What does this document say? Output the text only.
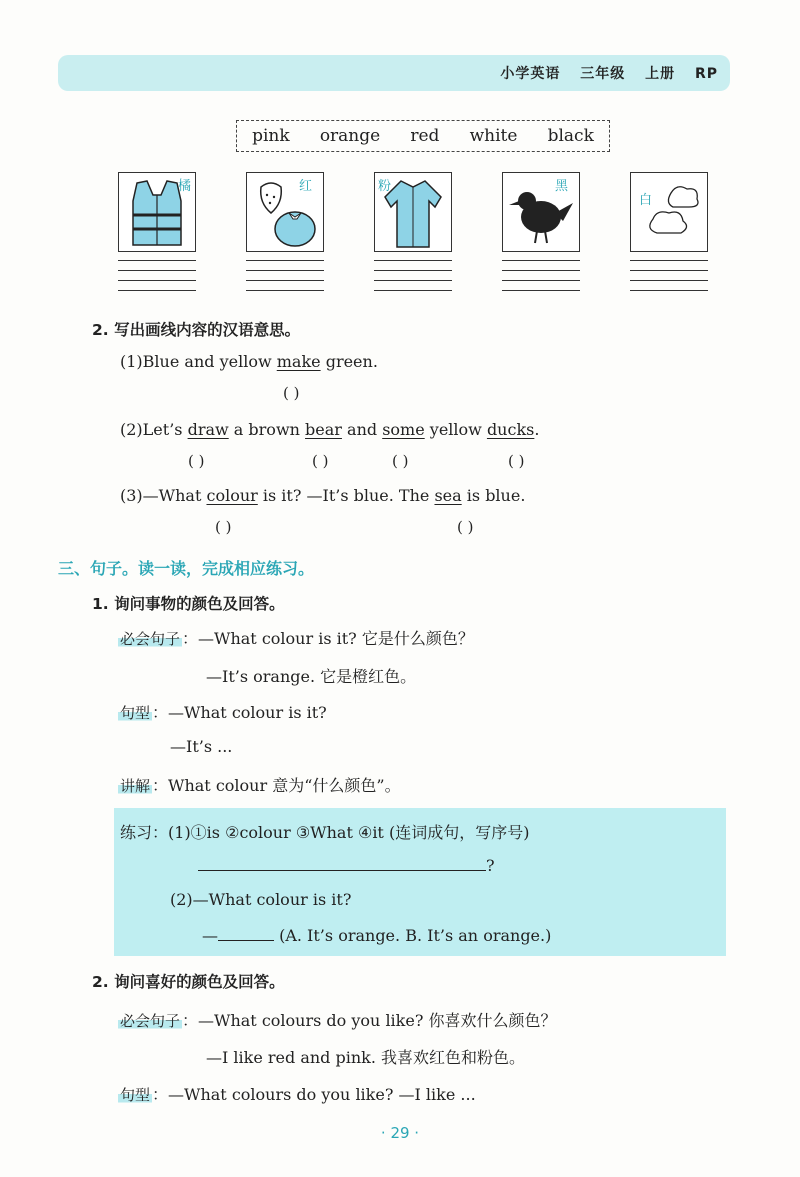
小学英语 三年级 上册 RP
pink orange red white black
橘	红	粉	黑
白
2. 写出画线内容的汉语意思。
(1)Blue and yellow make green.
( )
(2)Let’s draw a brown bear and some yellow ducks.
( )	( )	( )	( )
(3)—What colour is it? —It’s blue. The sea is blue.
( )	( )
三、句子。读一读，完成相应练习。
1. 询问事物的颜色及回答。
必会句子 ：—What colour is it? 它是什么颜色？
—It’s orange. 它是橙红色。
句型 ：—What colour is it?
—It’s ...
讲解 ：What colour 意为“什么颜色”。
练习：(1)①is ②colour ③What ④it (连词成句，写序号)
?
(2)—What colour is it?
—	(A. It’s orange. B. It’s an orange.)
2. 询问喜好的颜色及回答。
必会句子 ：—What colours do you like? 你喜欢什么颜色？
—I like red and pink. 我喜欢红色和粉色。
句型 ：—What colours do you like? —I like ...
· 29 ·
